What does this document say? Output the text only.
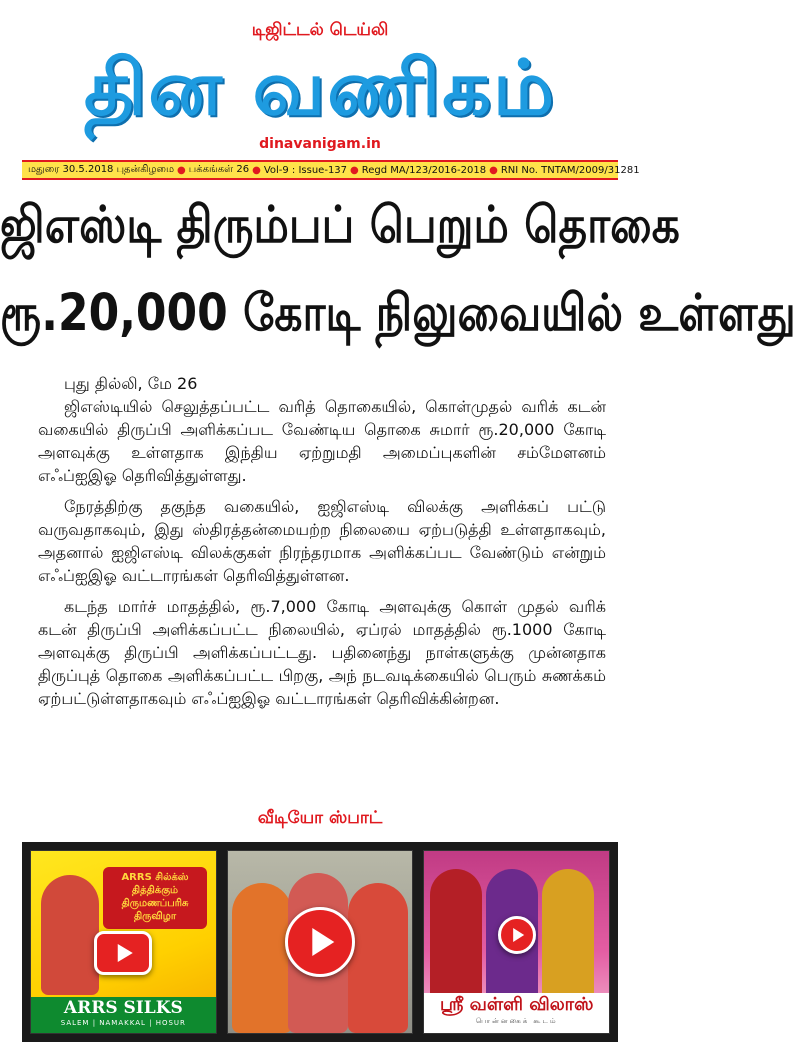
டிஜிட்டல் டெய்லி
தின வணிகம்
dinavanigam.in
மதுரை 30.5.2018 புதன்கிழமை ● பக்கங்கள் 26 ● Vol-9 : Issue-137 ● Regd MA/123/2016-2018 ● RNI No. TNTAM/2009/31281
ஜிஎஸ்டி திரும்பப் பெறும் தொகை
ரூ.20,000 கோடி நிலுவையில் உள்ளது

புது தில்லி, மே 26

ஜிஎஸ்டியில் செலுத்தப்பட்ட வரித் தொகையில், கொள்முதல் வரிக் கடன் வகையில் திருப்பி அளிக்கப்பட வேண்டிய தொகை சுமார் ரூ.20,000 கோடி அளவுக்கு உள்ளதாக இந்திய ஏற்றுமதி அமைப்புகளின் சம்மேளனம் எஃப்ஐஇஓ தெரிவித்துள்ளது.

நேரத்திற்கு தகுந்த வகையில், ஐஜிஎஸ்டி விலக்கு அளிக்கப் பட்டு வருவதாகவும், இது ஸ்திரத்தன்மையற்ற நிலையை ஏற்படுத்தி உள்ளதாகவும், அதனால் ஐஜிஎஸ்டி விலக்குகள் நிரந்தரமாக அளிக்கப்பட வேண்டும் என்றும் எஃப்ஐஇஓ வட்டாரங்கள் தெரிவித்துள்ளன.

கடந்த மார்ச் மாதத்தில், ரூ.7,000 கோடி அளவுக்கு கொள் முதல் வரிக் கடன் திருப்பி அளிக்கப்பட்ட நிலையில், ஏப்ரல் மாதத்தில் ரூ.1000 கோடி அளவுக்கு திருப்பி அளிக்கப்பட்டது. பதினைந்து நாள்களுக்கு முன்னதாக திருப்புத் தொகை அளிக்கப்பட்ட பிறகு, அந் நடவடிக்கையில் பெரும் சுணக்கம் ஏற்பட்டுள்ளதாகவும் எஃப்ஐஇஓ வட்டாரங்கள் தெரிவிக்கின்றன.

வீடியோ ஸ்பாட்
ARRS சில்க்ஸ் தித்திக்கும் திருமணப்பரிசு திருவிழா
ARRS SILKS
SALEM | NAMAKKAL | HOSUR
ஸ்ரீ வள்ளி விலாஸ்
பொன்னகைக் கூடம்
